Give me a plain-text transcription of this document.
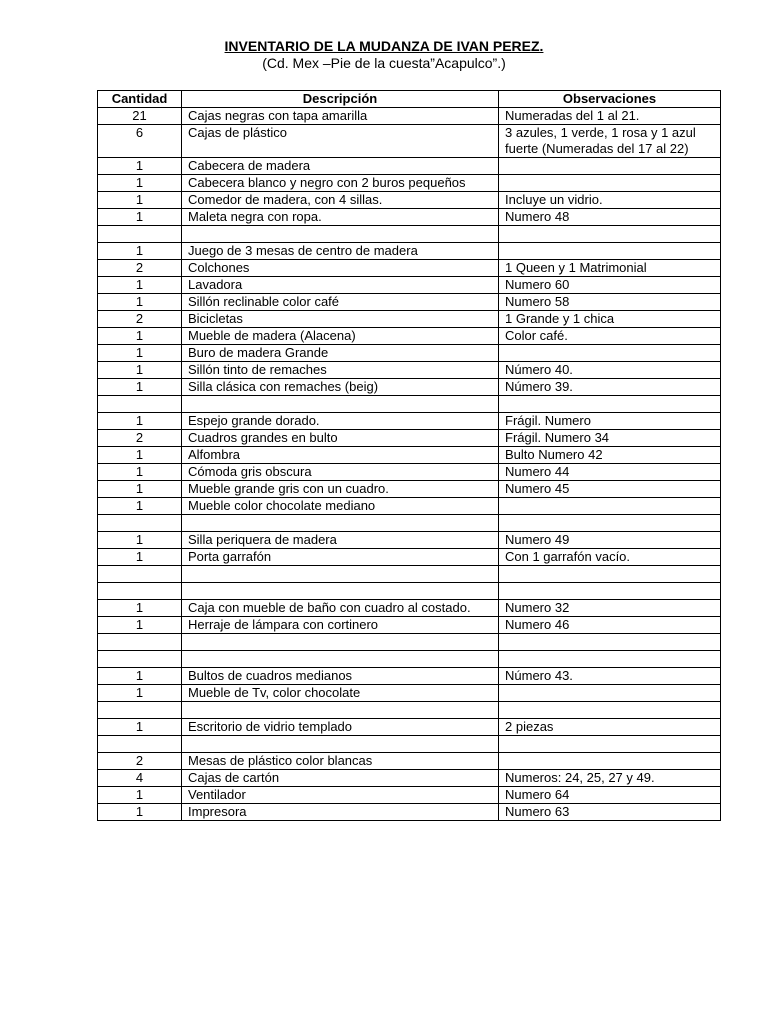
INVENTARIO DE LA MUDANZA DE IVAN PEREZ.
(Cd. Mex –Pie de la cuesta”Acapulco”.)
Cantidad	Descripción	Observaciones
21	Cajas negras con tapa amarilla	Numeradas del 1 al 21.
6	Cajas de plástico	3 azules, 1 verde, 1 rosa y 1 azul fuerte (Numeradas del 17 al 22)
1	Cabecera de madera	
1	Cabecera blanco y negro con 2 buros pequeños	
1	Comedor de madera, con 4 sillas.	Incluye un vidrio.
1	Maleta negra con ropa.	Numero 48

1	Juego de 3 mesas de centro de madera	
2	Colchones	1 Queen y 1 Matrimonial
1	Lavadora	Numero 60
1	Sillón reclinable color café	Numero 58
2	Bicicletas	1 Grande y 1 chica
1	Mueble de madera (Alacena)	Color café.
1	Buro de madera Grande	
1	Sillón tinto de remaches	Número 40.
1	Silla clásica con remaches (beig)	Número 39.

1	Espejo grande dorado.	Frágil. Numero
2	Cuadros grandes en bulto	Frágil. Numero 34
1	Alfombra	Bulto Numero 42
1	Cómoda gris obscura	Numero 44
1	Mueble grande gris con un cuadro.	Numero 45
1	Mueble color chocolate mediano	

1	Silla periquera de madera	Numero 49
1	Porta garrafón	Con 1 garrafón vacío.

1	Caja con mueble de baño con cuadro al costado.	Numero 32
1	Herraje de lámpara con cortinero	Numero 46

1	Bultos de cuadros medianos	Número 43.
1	Mueble de Tv, color chocolate	

1	Escritorio de vidrio templado	2 piezas

2	Mesas de plástico color blancas	
4	Cajas de cartón	Numeros: 24, 25, 27 y 49.
1	Ventilador	Numero 64
1	Impresora	Numero 63
